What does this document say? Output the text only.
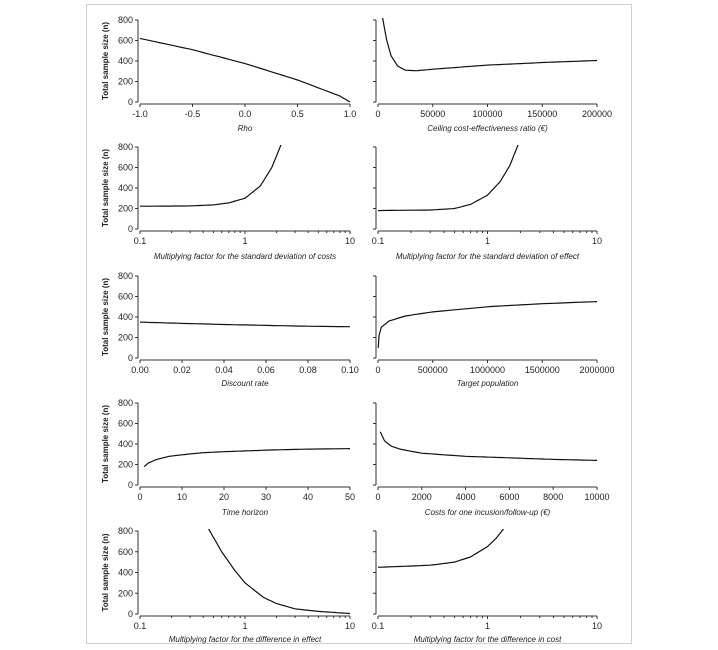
0
200
400
600
800
-1.0	-0.5	0.0	0.5	1.0
Rho
Total sample size (n)
0	50000	100000	150000	200000
Ceiling cost-effectiveness ratio (€)
0
200
400
600
800
0.1	1	10
Multiplying factor for the standard deviation of costs
Total sample size (n)
0.1	1	10
Multiplying factor for the standard deviation of effect
0
200
400
600
800
0.00	0.02	0.04	0.06	0.08	0.10
Discount rate
Total sample size (n)
0	500000 1000000 1500000 2000000
Target population
0
200
400
600
800
0	10	20	30	40	50
Time horizon
Total sample size (n)
0	2000	4000	6000	8000 10000
Costs for one incusion/follow-up (€)
0
200
400
600
800
0.1	1	10
Multiplying factor for the difference in effect
Total sample size (n)
0.1	1	10
Multiplying factor for the difference in cost
